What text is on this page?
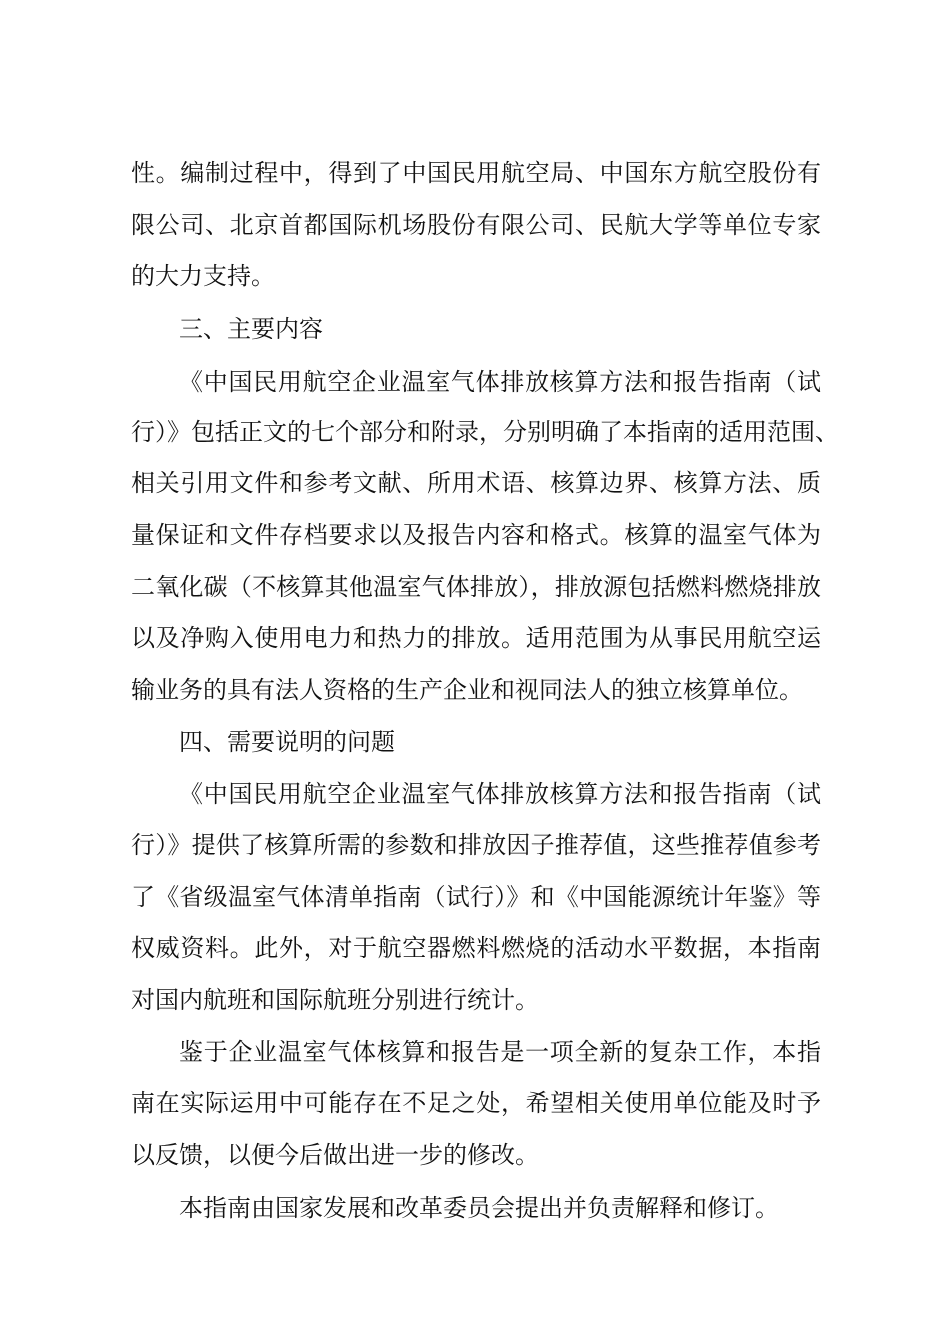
性。编制过程中，得到了中国民用航空局、中国东方航空股份有
限公司、北京首都国际机场股份有限公司、民航大学等单位专家
的大力支持。
三、主要内容
《中国民用航空企业温室气体排放核算方法和报告指南（试
行）》包括正文的七个部分和附录，分别明确了本指南的适用范围、
相关引用文件和参考文献、所用术语、核算边界、核算方法、质
量保证和文件存档要求以及报告内容和格式。核算的温室气体为
二氧化碳（不核算其他温室气体排放），排放源包括燃料燃烧排放
以及净购入使用电力和热力的排放。适用范围为从事民用航空运
输业务的具有法人资格的生产企业和视同法人的独立核算单位。
四、需要说明的问题
《中国民用航空企业温室气体排放核算方法和报告指南（试
行）》提供了核算所需的参数和排放因子推荐值，这些推荐值参考
了《省级温室气体清单指南（试行）》和《中国能源统计年鉴》等
权威资料。此外，对于航空器燃料燃烧的活动水平数据，本指南
对国内航班和国际航班分别进行统计。
鉴于企业温室气体核算和报告是一项全新的复杂工作，本指
南在实际运用中可能存在不足之处，希望相关使用单位能及时予
以反馈，以便今后做出进一步的修改。
本指南由国家发展和改革委员会提出并负责解释和修订。
